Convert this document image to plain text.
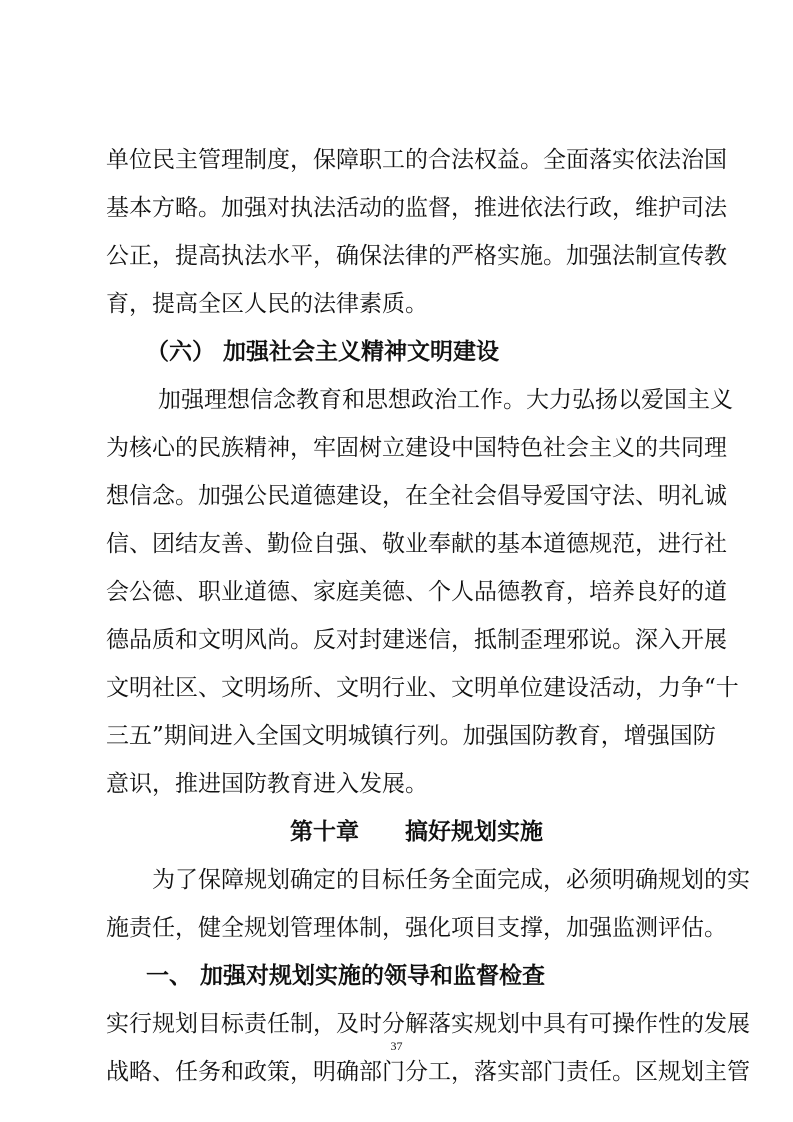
单位民主管理制度，保障职工的合法权益。全面落实依法治国
基本方略。加强对执法活动的监督，推进依法行政，维护司法
公正，提高执法水平，确保法律的严格实施。加强法制宣传教
育，提高全区人民的法律素质。
（六） 加强社会主义精神文明建设
加强理想信念教育和思想政治工作。大力弘扬以爱国主义
为核心的民族精神，牢固树立建设中国特色社会主义的共同理
想信念。加强公民道德建设，在全社会倡导爱国守法、明礼诚
信、团结友善、勤俭自强、敬业奉献的基本道德规范，进行社
会公德、职业道德、家庭美德、个人品德教育，培养良好的道
德品质和文明风尚。反对封建迷信，抵制歪理邪说。深入开展
文明社区、文明场所、文明行业、文明单位建设活动，力争“十
三五”期间进入全国文明城镇行列。加强国防教育，增强国防
意识，推进国防教育进入发展。
第十章　　搞好规划实施
为了保障规划确定的目标任务全面完成，必须明确规划的实
施责任，健全规划管理体制，强化项目支撑，加强监测评估。
一、 加强对规划实施的领导和监督检查
实行规划目标责任制，及时分解落实规划中具有可操作性的发展
战略、任务和政策，明确部门分工，落实部门责任。区规划主管
37
